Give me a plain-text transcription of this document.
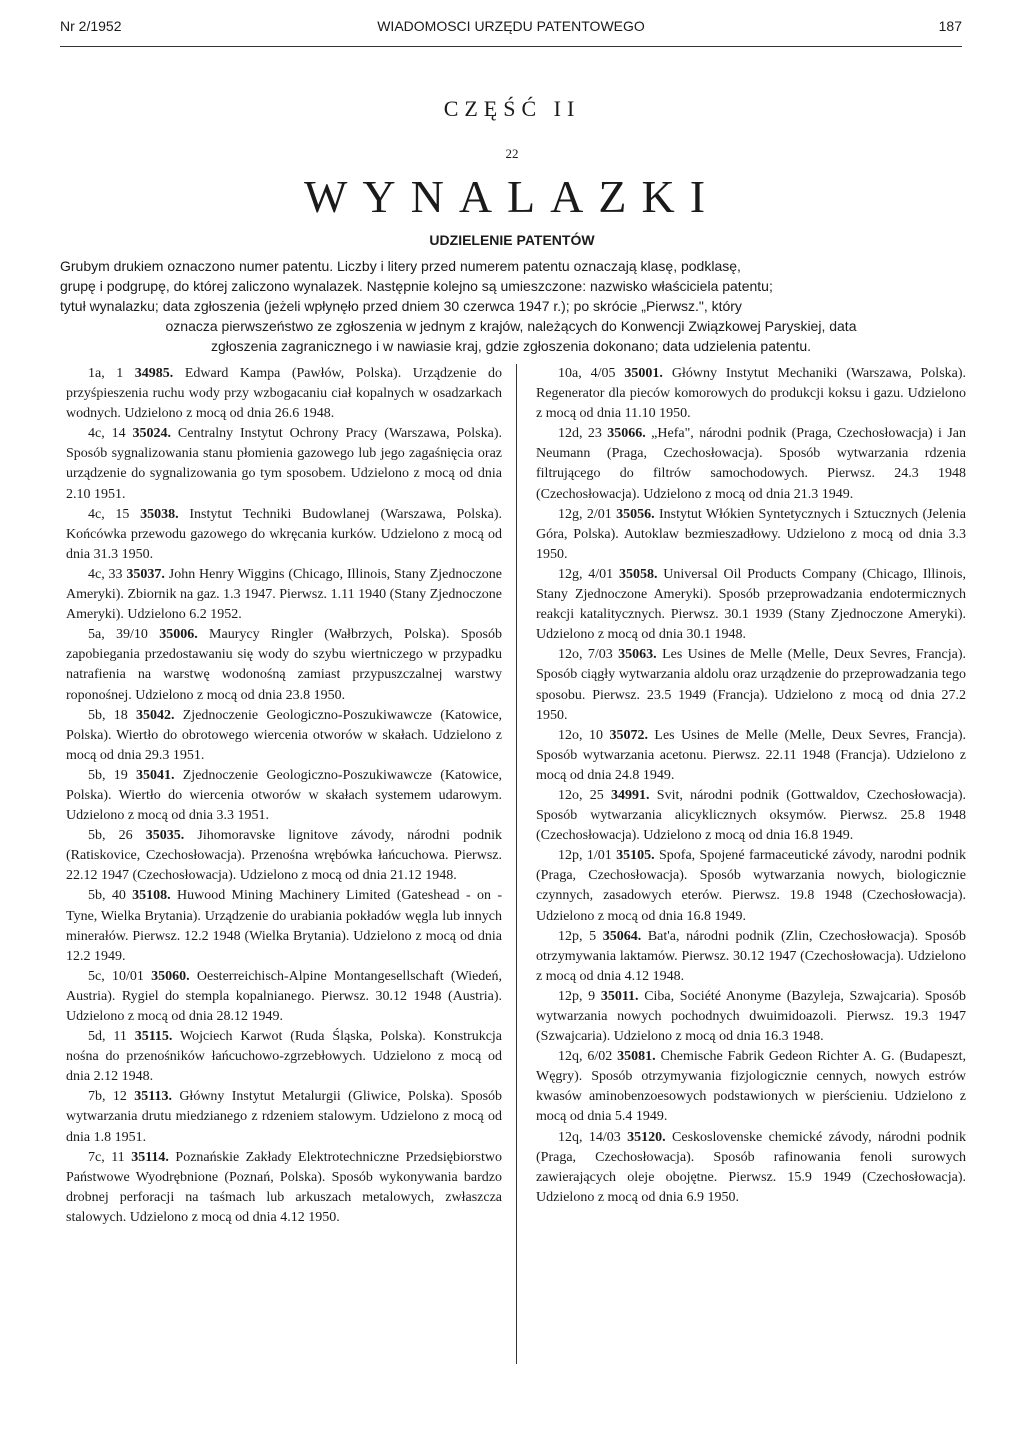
Nr 2/1952	WIADOMOSCI URZĘDU PATENTOWEGO	187
CZĘŚĆ II
22
WYNALAZKI
UDZIELENIE PATENTÓW
Grubym drukiem oznaczono numer patentu. Liczby i litery przed numerem patentu oznaczają klasę, podklasę,
grupę i podgrupę, do której zaliczono wynalazek. Następnie kolejno są umieszczone: nazwisko właściciela patentu;
tytuł wynalazku; data zgłoszenia (jeżeli wpłynęło przed dniem 30 czerwca 1947 r.); po skrócie „Pierwsz.", który
oznacza pierwszeństwo ze zgłoszenia w jednym z krajów, należących do Konwencji Związkowej Paryskiej, data
zgłoszenia zagranicznego i w nawiasie kraj, gdzie zgłoszenia dokonano; data udzielenia patentu.

1a, 1 34985. Edward Kampa (Pawłów, Polska). Urządzenie do przyśpieszenia ruchu wody przy wzbogacaniu ciał kopalnych w osadzarkach wodnych. Udzielono z mocą od dnia 26.6 1948.

4c, 14 35024. Centralny Instytut Ochrony Pracy (Warszawa, Polska). Sposób sygnalizowania stanu płomienia gazowego lub jego zagaśnięcia oraz urządzenie do sygnalizowania go tym sposobem. Udzielono z mocą od dnia 2.10 1951.

4c, 15 35038. Instytut Techniki Budowlanej (Warszawa, Polska). Końcówka przewodu gazowego do wkręcania kurków. Udzielono z mocą od dnia 31.3 1950.

4c, 33 35037. John Henry Wiggins (Chicago, Illinois, Stany Zjednoczone Ameryki). Zbiornik na gaz. 1.3 1947. Pierwsz. 1.11 1940 (Stany Zjednoczone Ameryki). Udzielono 6.2 1952.

5a, 39/10 35006. Maurycy Ringler (Wałbrzych, Polska). Sposób zapobiegania przedostawaniu się wody do szybu wiertniczego w przypadku natrafienia na warstwę wodonośną zamiast przypuszczalnej warstwy roponośnej. Udzielono z mocą od dnia 23.8 1950.

5b, 18 35042. Zjednoczenie Geologiczno-Poszukiwawcze (Katowice, Polska). Wiertło do obrotowego wiercenia otworów w skałach. Udzielono z mocą od dnia 29.3 1951.

5b, 19 35041. Zjednoczenie Geologiczno-Poszukiwawcze (Katowice, Polska). Wiertło do wiercenia otworów w skałach systemem udarowym. Udzielono z mocą od dnia 3.3 1951.

5b, 26 35035. Jihomoravske lignitove závody, národni podnik (Ratiskovice, Czechosłowacja). Przenośna wrębówka łańcuchowa. Pierwsz. 22.12 1947 (Czechosłowacja). Udzielono z mocą od dnia 21.12 1948.

5b, 40 35108. Huwood Mining Machinery Limited (Gateshead - on - Tyne, Wielka Brytania). Urządzenie do urabiania pokładów węgla lub innych minerałów. Pierwsz. 12.2 1948 (Wielka Brytania). Udzielono z mocą od dnia 12.2 1949.

5c, 10/01 35060. Oesterreichisch-Alpine Montangesellschaft (Wiedeń, Austria). Rygiel do stempla kopalnianego. Pierwsz. 30.12 1948 (Austria). Udzielono z mocą od dnia 28.12 1949.

5d, 11 35115. Wojciech Karwot (Ruda Śląska, Polska). Konstrukcja nośna do przenośników łańcuchowo-zgrzebłowych. Udzielono z mocą od dnia 2.12 1948.

7b, 12 35113. Główny Instytut Metalurgii (Gliwice, Polska). Sposób wytwarzania drutu miedzianego z rdzeniem stalowym. Udzielono z mocą od dnia 1.8 1951.

7c, 11 35114. Poznańskie Zakłady Elektrotechniczne Przedsiębiorstwo Państwowe Wyodrębnione (Poznań, Polska). Sposób wykonywania bardzo drobnej perforacji na taśmach lub arkuszach metalowych, zwłaszcza stalowych. Udzielono z mocą od dnia 4.12 1950.

10a, 4/05 35001. Główny Instytut Mechaniki (Warszawa, Polska). Regenerator dla pieców komorowych do produkcji koksu i gazu. Udzielono z mocą od dnia 11.10 1950.

12d, 23 35066. „Hefa", národni podnik (Praga, Czechosłowacja) i Jan Neumann (Praga, Czechosłowacja). Sposób wytwarzania rdzenia filtrującego do filtrów samochodowych. Pierwsz. 24.3 1948 (Czechosłowacja). Udzielono z mocą od dnia 21.3 1949.

12g, 2/01 35056. Instytut Włókien Syntetycznych i Sztucznych (Jelenia Góra, Polska). Autoklaw bezmieszadłowy. Udzielono z mocą od dnia 3.3 1950.

12g, 4/01 35058. Universal Oil Products Company (Chicago, Illinois, Stany Zjednoczone Ameryki). Sposób przeprowadzania endotermicznych reakcji katalitycznych. Pierwsz. 30.1 1939 (Stany Zjednoczone Ameryki). Udzielono z mocą od dnia 30.1 1948.

12o, 7/03 35063. Les Usines de Melle (Melle, Deux Sevres, Francja). Sposób ciągły wytwarzania aldolu oraz urządzenie do przeprowadzania tego sposobu. Pierwsz. 23.5 1949 (Francja). Udzielono z mocą od dnia 27.2 1950.

12o, 10 35072. Les Usines de Melle (Melle, Deux Sevres, Francja). Sposób wytwarzania acetonu. Pierwsz. 22.11 1948 (Francja). Udzielono z mocą od dnia 24.8 1949.

12o, 25 34991. Svit, národni podnik (Gottwaldov, Czechosłowacja). Sposób wytwarzania alicyklicznych oksymów. Pierwsz. 25.8 1948 (Czechosłowacja). Udzielono z mocą od dnia 16.8 1949.

12p, 1/01 35105. Spofa, Spojené farmaceutické závody, narodni podnik (Praga, Czechosłowacja). Sposób wytwarzania nowych, biologicznie czynnych, zasadowych eterów. Pierwsz. 19.8 1948 (Czechosłowacja). Udzielono z mocą od dnia 16.8 1949.

12p, 5 35064. Bat'a, národni podnik (Zlin, Czechosłowacja). Sposób otrzymywania laktamów. Pierwsz. 30.12 1947 (Czechosłowacja). Udzielono z mocą od dnia 4.12 1948.

12p, 9 35011. Ciba, Société Anonyme (Bazyleja, Szwajcaria). Sposób wytwarzania nowych pochodnych dwuimidoazoli. Pierwsz. 19.3 1947 (Szwajcaria). Udzielono z mocą od dnia 16.3 1948.

12q, 6/02 35081. Chemische Fabrik Gedeon Richter A. G. (Budapeszt, Węgry). Sposób otrzymywania fizjologicznie cennych, nowych estrów kwasów aminobenzoesowych podstawionych w pierścieniu. Udzielono z mocą od dnia 5.4 1949.

12q, 14/03 35120. Ceskoslovenske chemické závody, národni podnik (Praga, Czechosłowacja). Sposób rafinowania fenoli surowych zawierających oleje obojętne. Pierwsz. 15.9 1949 (Czechosłowacja). Udzielono z mocą od dnia 6.9 1950.
